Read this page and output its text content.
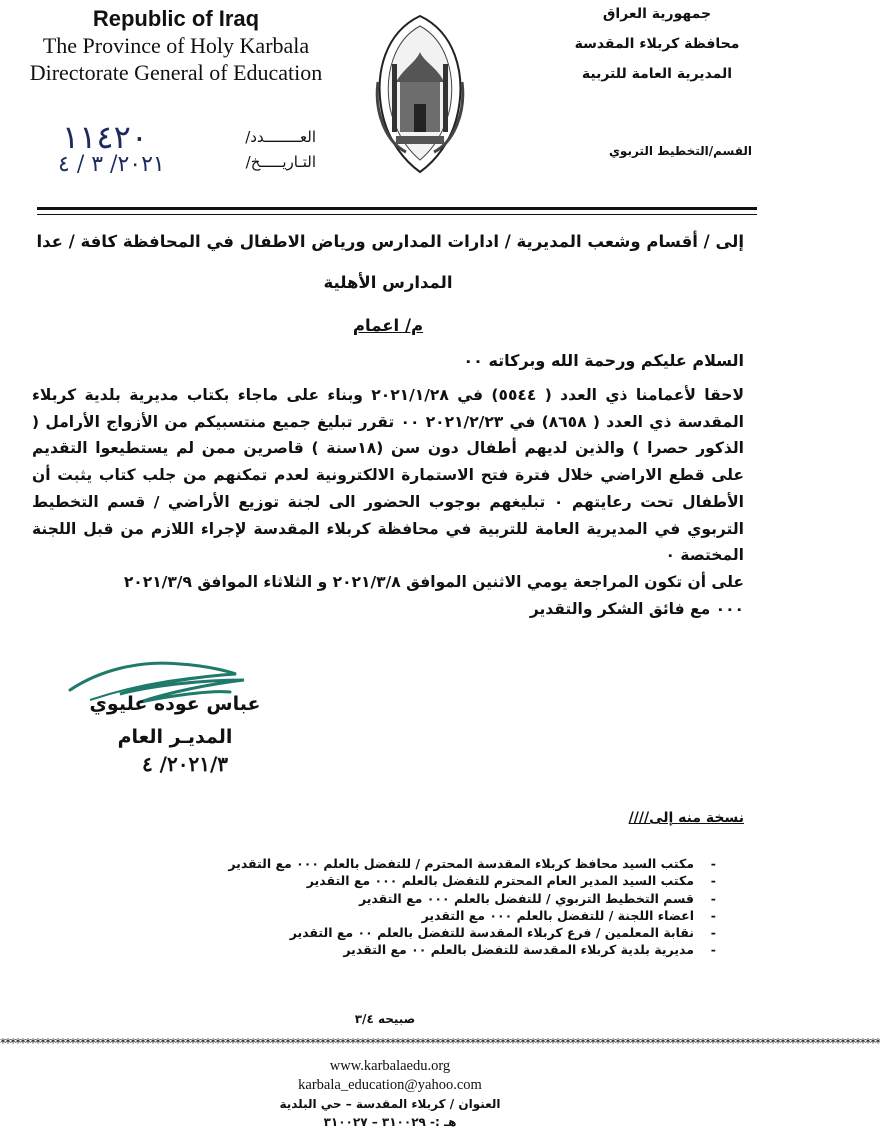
Republic of Iraq
The Province of Holy Karbala
Directorate General of Education
جمهورية العراق
محافظة كربلاء المقدسة
المديرية العامة للتربية
القسم/التخطيط التربوي
العــــــــدد/
التـاريـــــخ/
١١٤٢٠
٢٠٢١/ ٣ / ٤
إلى / أقسام وشعب المديرية / ادارات المدارس ورياض الاطفال في المحافظة كافة / عدا
المدارس الأهلية
م/ اعمام
السلام عليكم ورحمة الله وبركاته ٠٠

لاحقا لأعمامنا ذي العدد ( ٥٥٤٤) في ٢٠٢١/١/٢٨ وبناء على ماجاء بكتاب مديرية بلدية كربلاء المقدسة ذي العدد ( ٨٦٥٨) في ٢٠٢١/٢/٢٣ ٠٠ تقرر تبليغ جميع منتسبيكم من الأزواج الأرامل ( الذكور حصرا ) والذين لديهم أطفال دون سن (١٨سنة ) قاصرين ممن لم يستطيعوا التقديم على قطع الاراضي خلال فترة فتح الاستمارة الالكترونية لعدم تمكنهم من جلب كتاب يثبت أن الأطفال تحت رعايتهم ٠ تبليغهم بوجوب الحضور الى لجنة توزيع الأراضي / قسم التخطيط التربوي في المديرية العامة للتربية في محافظة كربلاء المقدسة لإجراء اللازم من قبل اللجنة المختصة ٠

على أن تكون المراجعة يومي الاثنين الموافق ٢٠٢١/٣/٨ و الثلاثاء الموافق ٢٠٢١/٣/٩

٠٠٠ مع فائق الشكر والتقدير

عباس عوده عليوي
المديـر العام
٢٠٢١/٣/ ٤
نسخة منه إلى////
-
مكتب السيد محافظ كربلاء المقدسة المحترم / للتفضل بالعلم ٠٠٠ مع التقدير
-
مكتب السيد المدير العام المحترم للتفضل بالعلم ٠٠٠ مع التقدير
-
قسم التخطيط التربوي / للتفضل بالعلم ٠٠٠ مع التقدير
-
اعضاء اللجنة / للتفضل بالعلم ٠٠٠ مع التقدير
-
نقابة المعلمين / فرع كربلاء المقدسة للتفضل بالعلم ٠٠ مع التقدير
-
مديرية بلدية كربلاء المقدسة للتفضل بالعلم ٠٠ مع التقدير
صبيحه ٣/٤
********************************************************************************************************************************************************************************
www.karbalaedu.org
karbala_education@yahoo.com
العنوان / كربلاء المقدسة – حي البلدية
هـ :- ٣١٠٠٢٩ – ٣١٠٠٢٧
